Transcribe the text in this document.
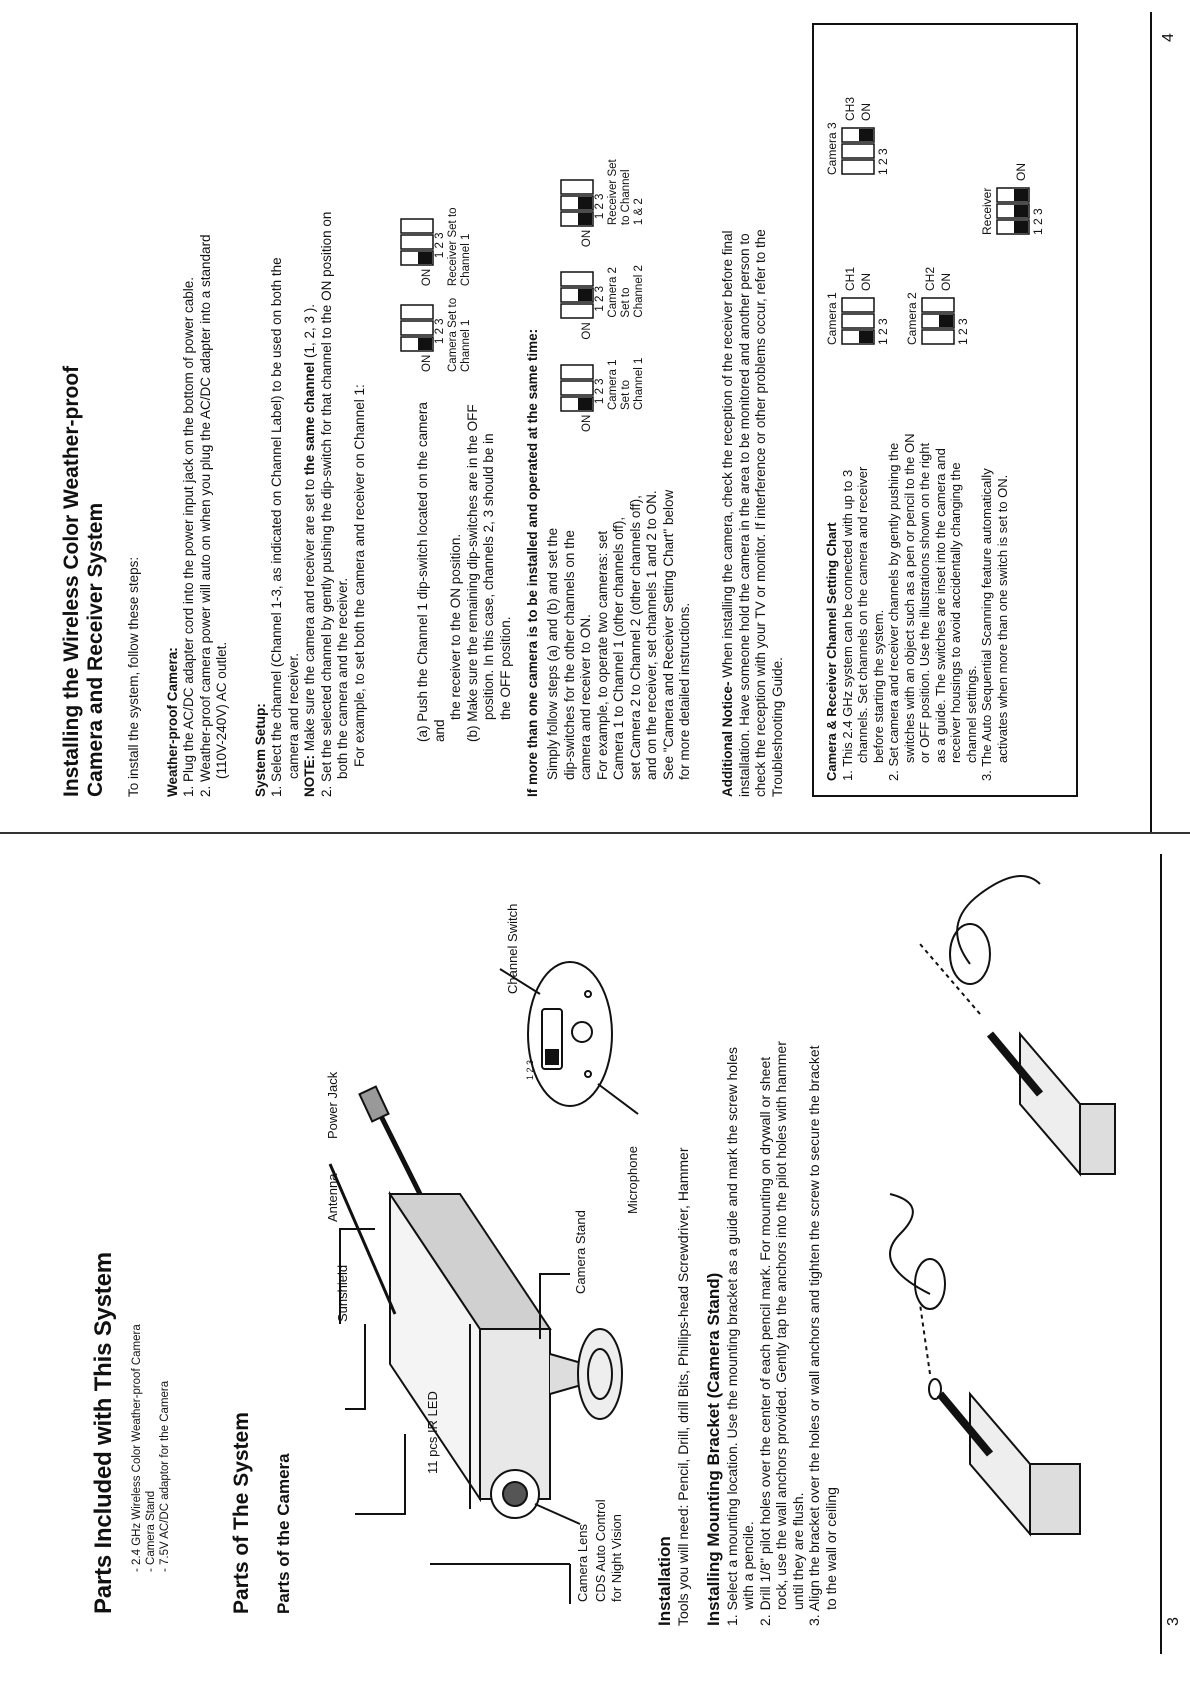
Parts Included with This System - 2.4 GHz Wireless Color Weather-proof Camera - Camera Stand - 7.5V AC/DC adaptor for the Camera	Parts of The System Parts of the Camera
Sunshield
Antenna
Power Jack
11 pcs IR LED
Camera Lens CDS Auto Control for Night Vision
Camera Stand
Microphone
Channel Switch
1 2 3
Installation Tools you will need: Pencil, Drill, drill Bits, Phillips-head Screwdriver, Hammer Installing Mounting Bracket (Camera Stand) 1. Select a mounting location. Use the mounting bracket as a guide and mark the screw holes with a pencile. 2. Drill 1/8" pilot holes over the center of each pencil mark. For mounting on drywall or sheet rock, use the wall anchors provided. Gently tap the anchors into the pilot holes with hammer until they are flush. 3. Align the bracket over the holes or wall anchors and tighten the screw to secure the bracket to the wall or ceiling
3
Installing the Wireless Color Weather-proof Camera and Receiver System To install the system, follow these steps: Weather-proof Camera: 1. Plug the AC/DC adapter cord into the power input jack on the bottom of power cable. 2. Weather-proof camera power will auto on when you plug the AC/DC adapter into a standard (110V-240V) AC outlet. System Setup: 1. Select the channel (Channel 1-3, as indicated on Channel Label) to be used on both the camera and receiver. NOTE: Make sure the camera and receiver are set to the same channel (1, 2, 3 ). 2. Set the selected channel by gently pushing the dip-switch for that channel to the ON position on both the camera and the receiver. For example, to set both the camera and receiver on Channel 1:	(a) Push the Channel 1 dip-switch located on the camera and
the receiver to the ON position. (b) Make sure the remaining dip-switches are in the OFF position. In this case, channels 2, 3 should be in the OFF position.
ON
1 2 3 Camera Set to Channel 1

ON
1 2 3 Receiver Set to Channel 1
If more than one camera is to be installed and operated at the same time: Simply follow steps (a) and (b) and set the dip-switches for the other channels on the camera and receiver to ON. For example, to operate two cameras: set Camera 1 to Channel 1 (other channels off), set Camera 2 to Channel 2 (other channels off), and on the receiver, set channels 1 and 2 to ON. See "Camera and Receiver Setting Chart" below for more detailed instructions.
ON
1 2 3 Camera 1 Set to Channel 1
ON
1 2 3 Camera 2 Set to Channel 2
ON
1 2 3 Receiver Set to Channel 1 & 2
Additional Notice- When installing the camera, check the reception of the receiver before final installation. Have someone hold the camera in the area to be monitored and another person to check the reception with your TV or monitor. If interference or other problems occur, refer to the Troubleshooting Guide.	Camera & Receiver Channel Setting Chart 1. This 2.4 GHz system can be connected with up to 3 channels. Set channels on the camera and receiver before starting the system. 2. Set camera and receiver channels by gently pushing the switches with an object such as a pen or pencil to the ON or OFF position. Use the illustrations shown on the right as a guide. The switches are inset into the camera and receiver housings to avoid accidentally changing the channel settings. 3. The Auto Sequential Scanning feature automatically activates when more than one switch is set to ON.
Camera 1
CH1 ON
1 2 3 Camera 2
CH2 ON
1 2 3
Camera 3
CH3 ON
1 2 3
Receiver
ON
1 2 3
4
